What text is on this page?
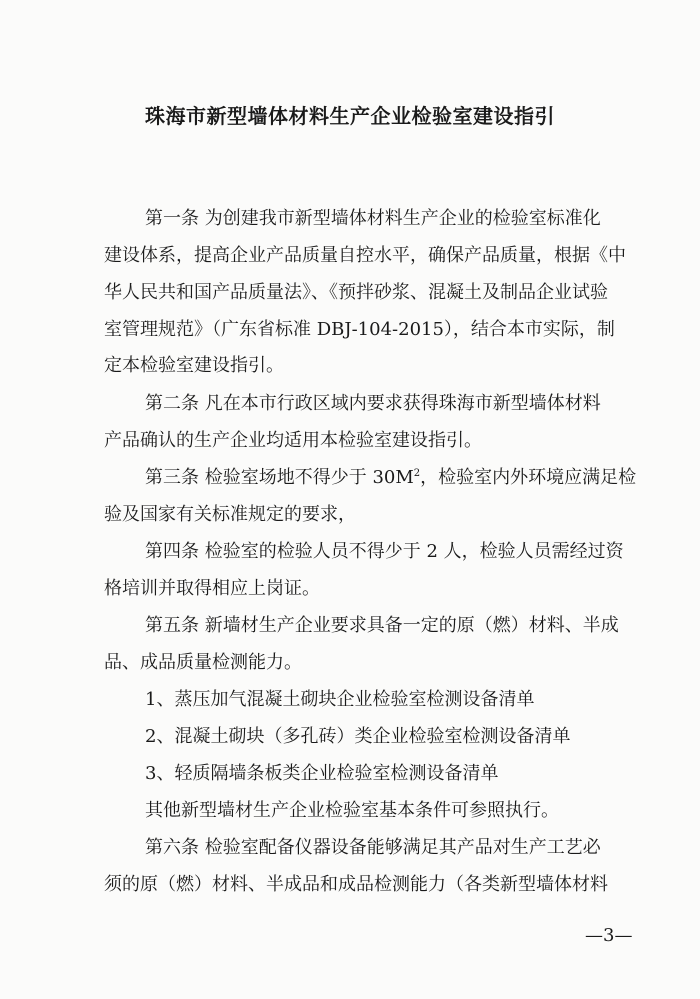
珠海市新型墙体材料生产企业检验室建设指引
第一条 为创建我市新型墙体材料生产企业的检验室标准化
建设体系，提高企业产品质量自控水平，确保产品质量，根据《中
华人民共和国产品质量法》、《预拌砂浆、混凝土及制品企业试验
室管理规范》（广东省标准 DBJ-104-2015），结合本市实际，制
定本检验室建设指引。
第二条 凡在本市行政区域内要求获得珠海市新型墙体材料
产品确认的生产企业均适用本检验室建设指引。
第三条 检验室场地不得少于 $30M^2$，检验室内外环境应满足检
验及国家有关标准规定的要求，
第四条 检验室的检验人员不得少于 2 人，检验人员需经过资
格培训并取得相应上岗证。
第五条 新墙材生产企业要求具备一定的原（燃）材料、半成
品、成品质量检测能力。
1、蒸压加气混凝土砌块企业检验室检测设备清单
2、混凝土砌块（多孔砖）类企业检验室检测设备清单
3、轻质隔墙条板类企业检验室检测设备清单
其他新型墙材生产企业检验室基本条件可参照执行。
第六条 检验室配备仪器设备能够满足其产品对生产工艺必
须的原（燃）材料、半成品和成品检测能力（各类新型墙体材料
—3—
